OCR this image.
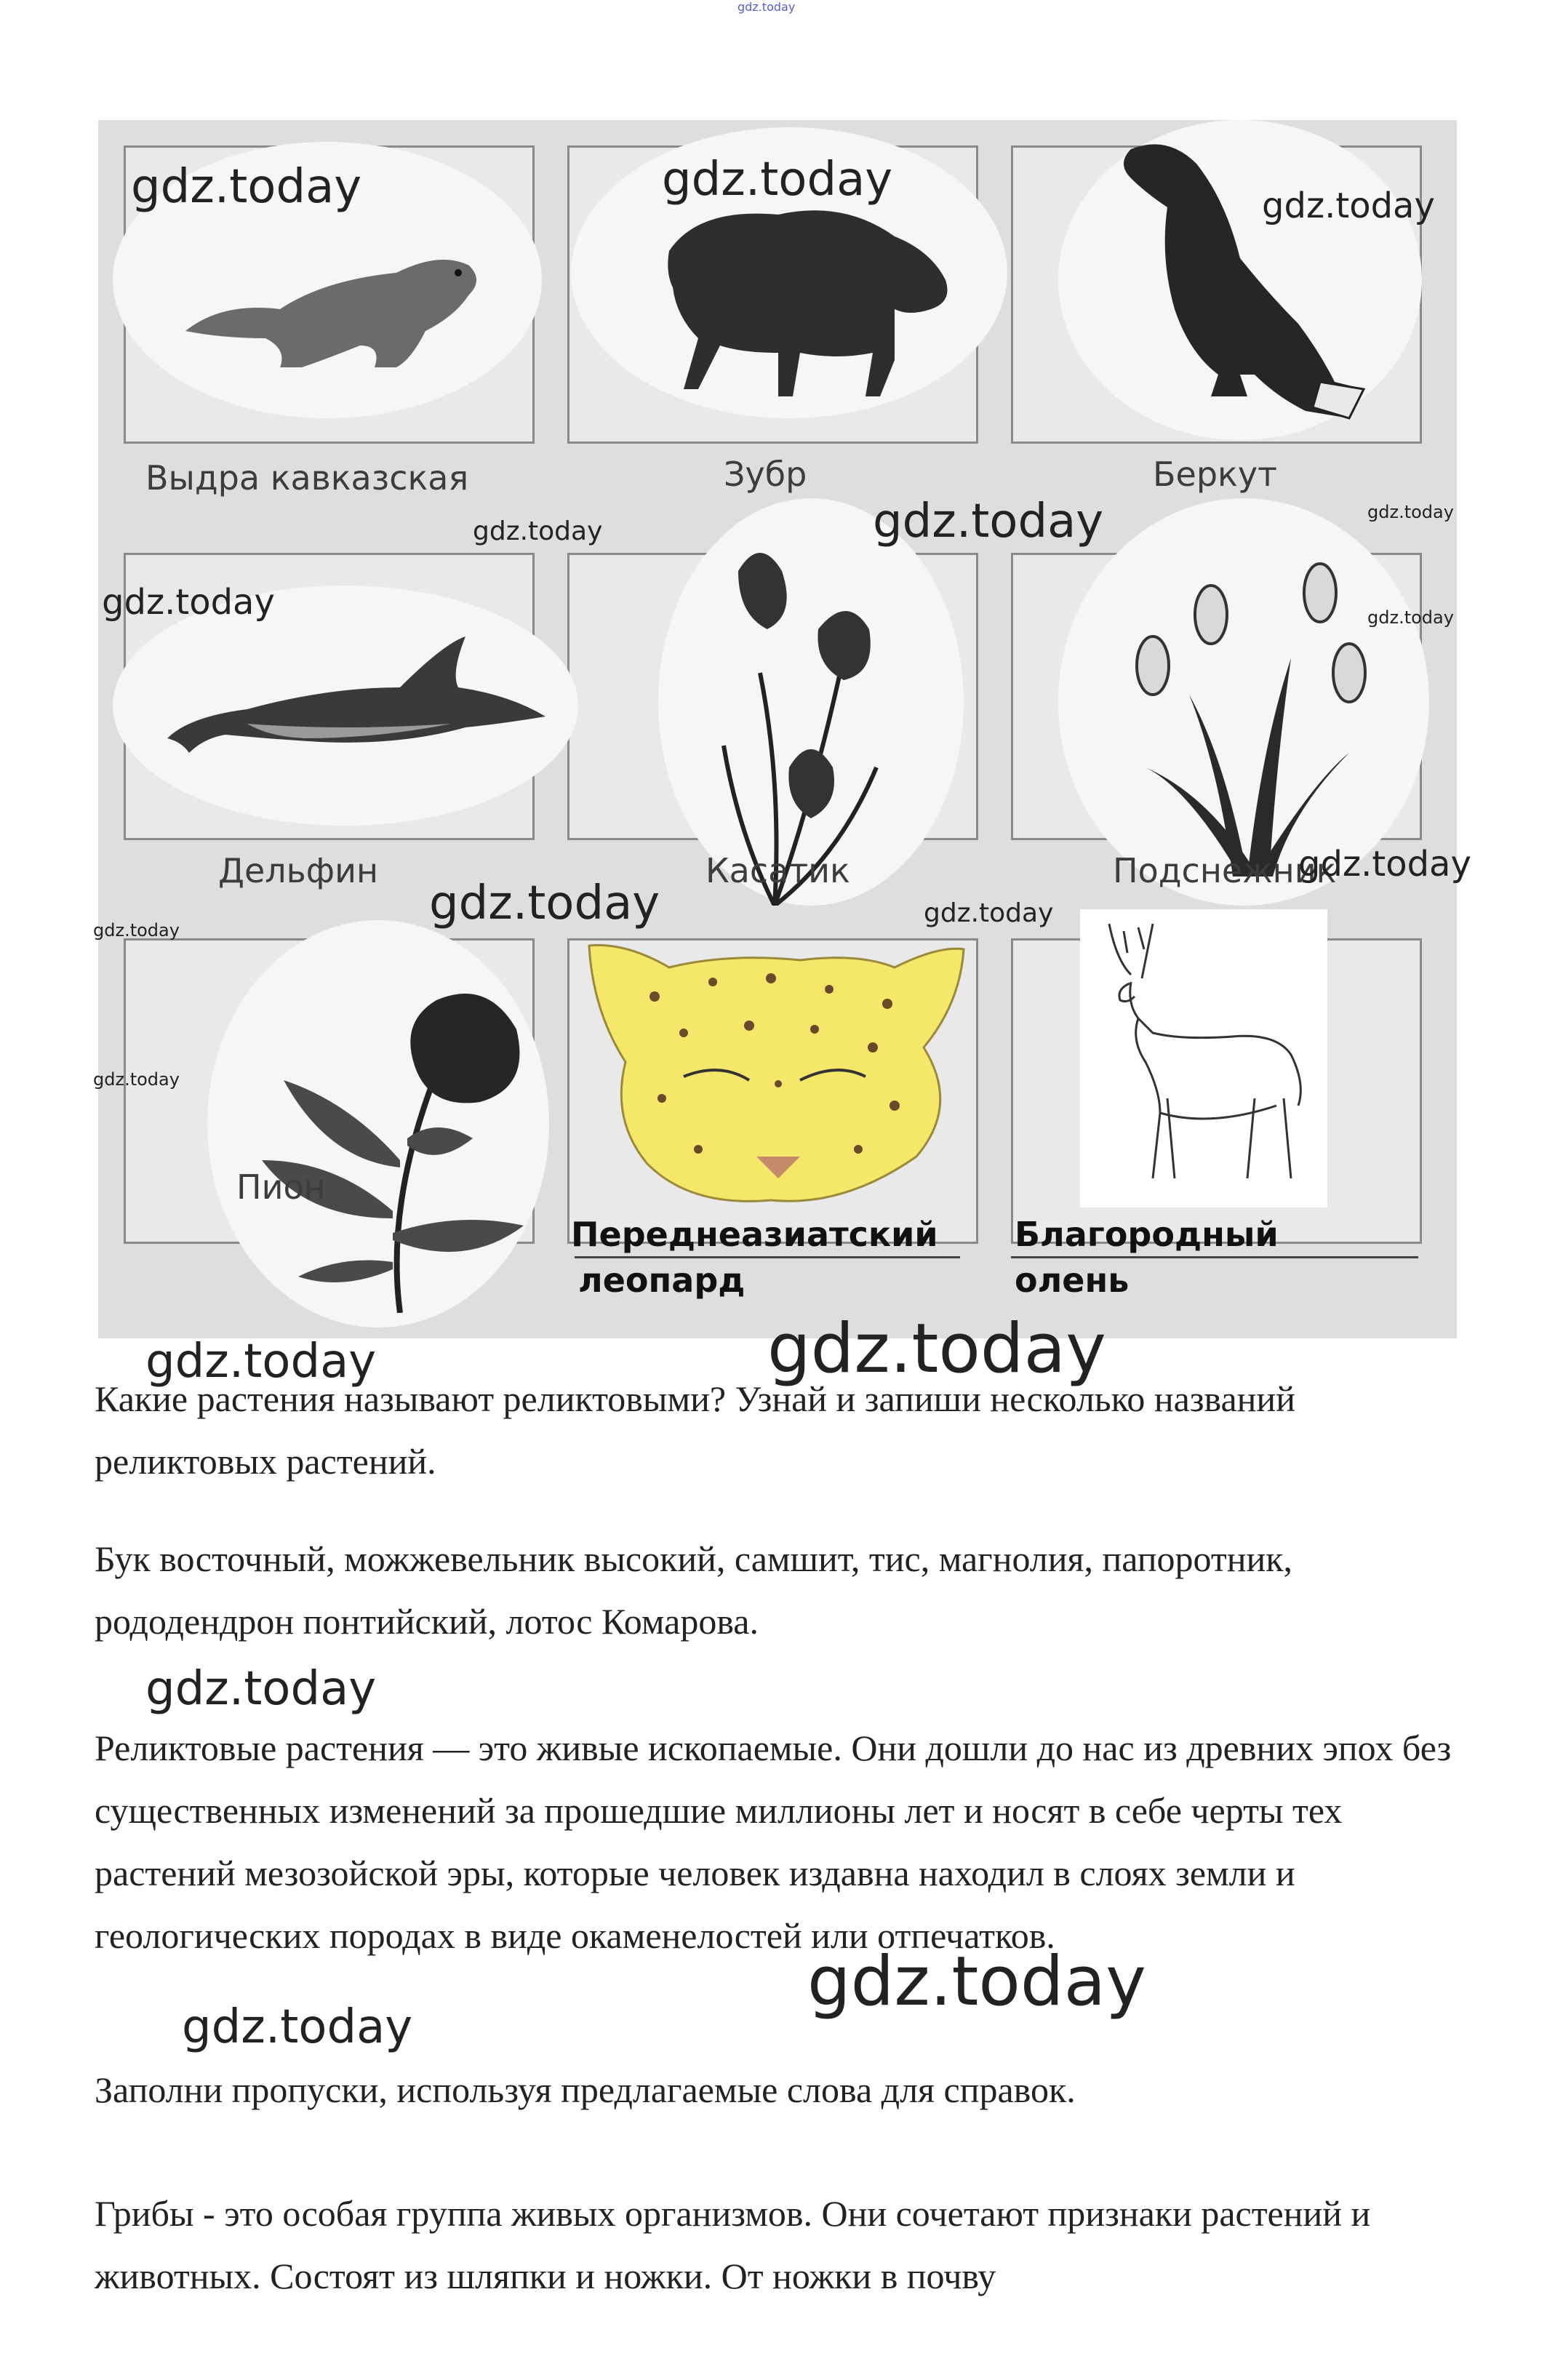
gdz.today
Выдра кавказская	Зубр	Беркут
Дельфин	Касатик	Подснежник
Пион
Переднеазиатский
леопард
Благородный
олень
gdz.today	gdz.today	gdz.today
gdz.today	gdz.today	gdz.today
gdz.today	gdz.today
gdz.today
gdz.today	gdz.today
gdz.today
gdz.today
gdz.today
gdz.today
gdz.today
gdz.today
gdz.today

Какие растения называют реликтовыми? Узнай и запиши несколько названий реликтовых растений.

Бук восточный, можжевельник высокий, самшит, тис, магнолия, папоротник, рододендрон понтийский, лотос Комарова.

Реликтовые растения — это живые ископаемые. Они дошли до нас из древних эпох без существенных изменений за прошедшие миллионы лет и носят в себе черты тех растений мезозойской эры, которые человек издавна находил в слоях земли и геологических породах в виде окаменелостей или отпечатков.

Заполни пропуски, используя предлагаемые слова для справок.

Грибы - это особая группа живых организмов. Они сочетают признаки растений и животных. Состоят из шляпки и ножки. От ножки в почву
